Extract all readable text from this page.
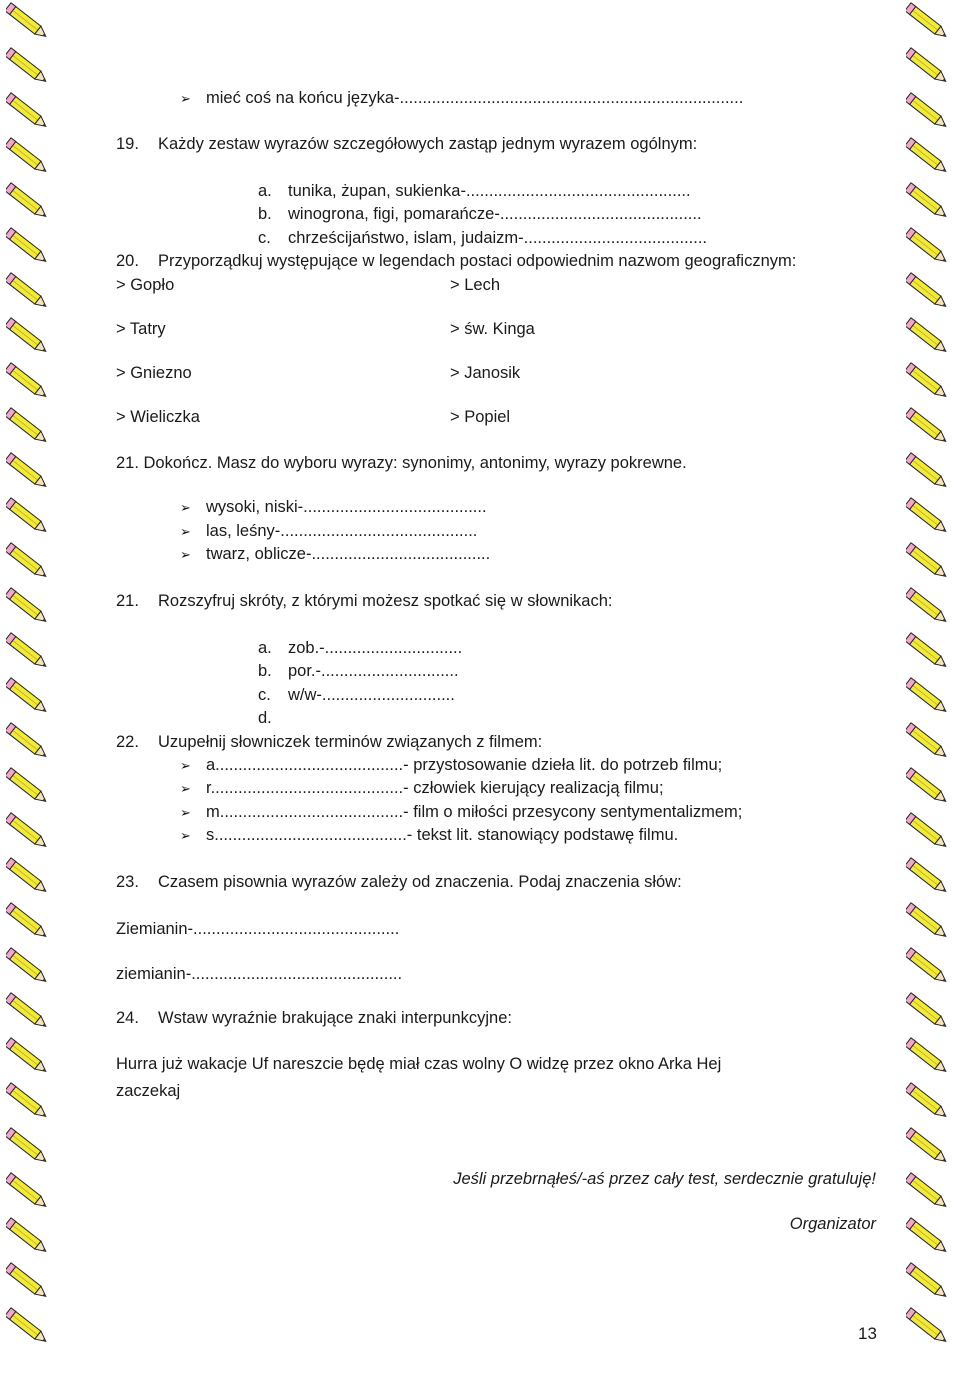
➢ mieć coś na końcu języka-...........................................................................
19. Każdy zestaw wyrazów szczegółowych zastąp jednym wyrazem ogólnym:
a. tunika, żupan, sukienka-.................................................
b. winogrona, figi, pomarańcze-............................................
c. chrześcijaństwo, islam, judaizm-........................................
20. Przyporządkuj występujące w legendach postaci odpowiednim nazwom geograficznym:
> Gopło	> Lech
> Tatry	> św. Kinga
> Gniezno	> Janosik
> Wieliczka	> Popiel
21. Dokończ. Masz do wyboru wyrazy: synonimy, antonimy, wyrazy pokrewne.
➢ wysoki, niski-........................................
➢ las, leśny-...........................................
➢ twarz, oblicze-.......................................
21. Rozszyfruj skróty, z którymi możesz spotkać się w słownikach:
a. zob.-..............................
b. por.-..............................
c. w/w-.............................
d.
22. Uzupełnij słowniczek terminów związanych z filmem:
➢ a.........................................- przystosowanie dzieła lit. do potrzeb filmu;
➢ r..........................................- człowiek kierujący realizacją filmu;
➢ m........................................- film o miłości przesycony sentymentalizmem;
➢ s..........................................- tekst lit. stanowiący podstawę filmu.
23. Czasem pisownia wyrazów zależy od znaczenia. Podaj znaczenia słów:
Ziemianin-.............................................
ziemianin-..............................................
24. Wstaw wyraźnie brakujące znaki interpunkcyjne:
Hurra już wakacje Uf nareszcie będę miał czas wolny O widzę przez okno Arka Hej
zaczekaj
Jeśli przebrnąłeś/-aś przez cały test, serdecznie gratuluję!
Organizator
13
